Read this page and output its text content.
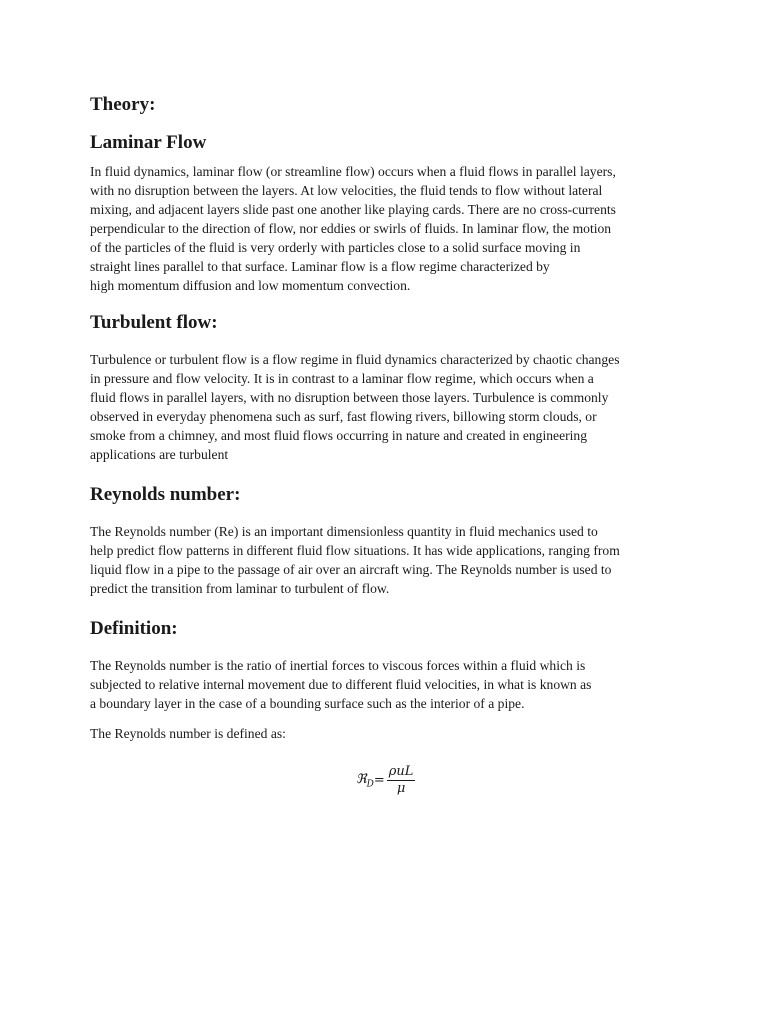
Theory:
Laminar Flow
In fluid dynamics, laminar flow (or streamline flow) occurs when a fluid flows in parallel layers,
with no disruption between the layers. At low velocities, the fluid tends to flow without lateral
mixing, and adjacent layers slide past one another like playing cards. There are no cross-currents
perpendicular to the direction of flow, nor eddies or swirls of fluids. In laminar flow, the motion
of the particles of the fluid is very orderly with particles close to a solid surface moving in
straight lines parallel to that surface. Laminar flow is a flow regime characterized by
high momentum diffusion and low momentum convection.
Turbulent flow:
Turbulence or turbulent flow is a flow regime in fluid dynamics characterized by chaotic changes
in pressure and flow velocity. It is in contrast to a laminar flow regime, which occurs when a
fluid flows in parallel layers, with no disruption between those layers. Turbulence is commonly
observed in everyday phenomena such as surf, fast flowing rivers, billowing storm clouds, or
smoke from a chimney, and most fluid flows occurring in nature and created in engineering
applications are turbulent
Reynolds number:
The Reynolds number (Re) is an important dimensionless quantity in fluid mechanics used to
help predict flow patterns in different fluid flow situations. It has wide applications, ranging from
liquid flow in a pipe to the passage of air over an aircraft wing. The Reynolds number is used to
predict the transition from laminar to turbulent of flow.
Definition:
The Reynolds number is the ratio of inertial forces to viscous forces within a fluid which is
subjected to relative internal movement due to different fluid velocities, in what is known as
a boundary layer in the case of a bounding surface such as the interior of a pipe.
The Reynolds number is defined as:
ℜ$_D$ = $\frac{\text{ρuL}}{\mu}$
